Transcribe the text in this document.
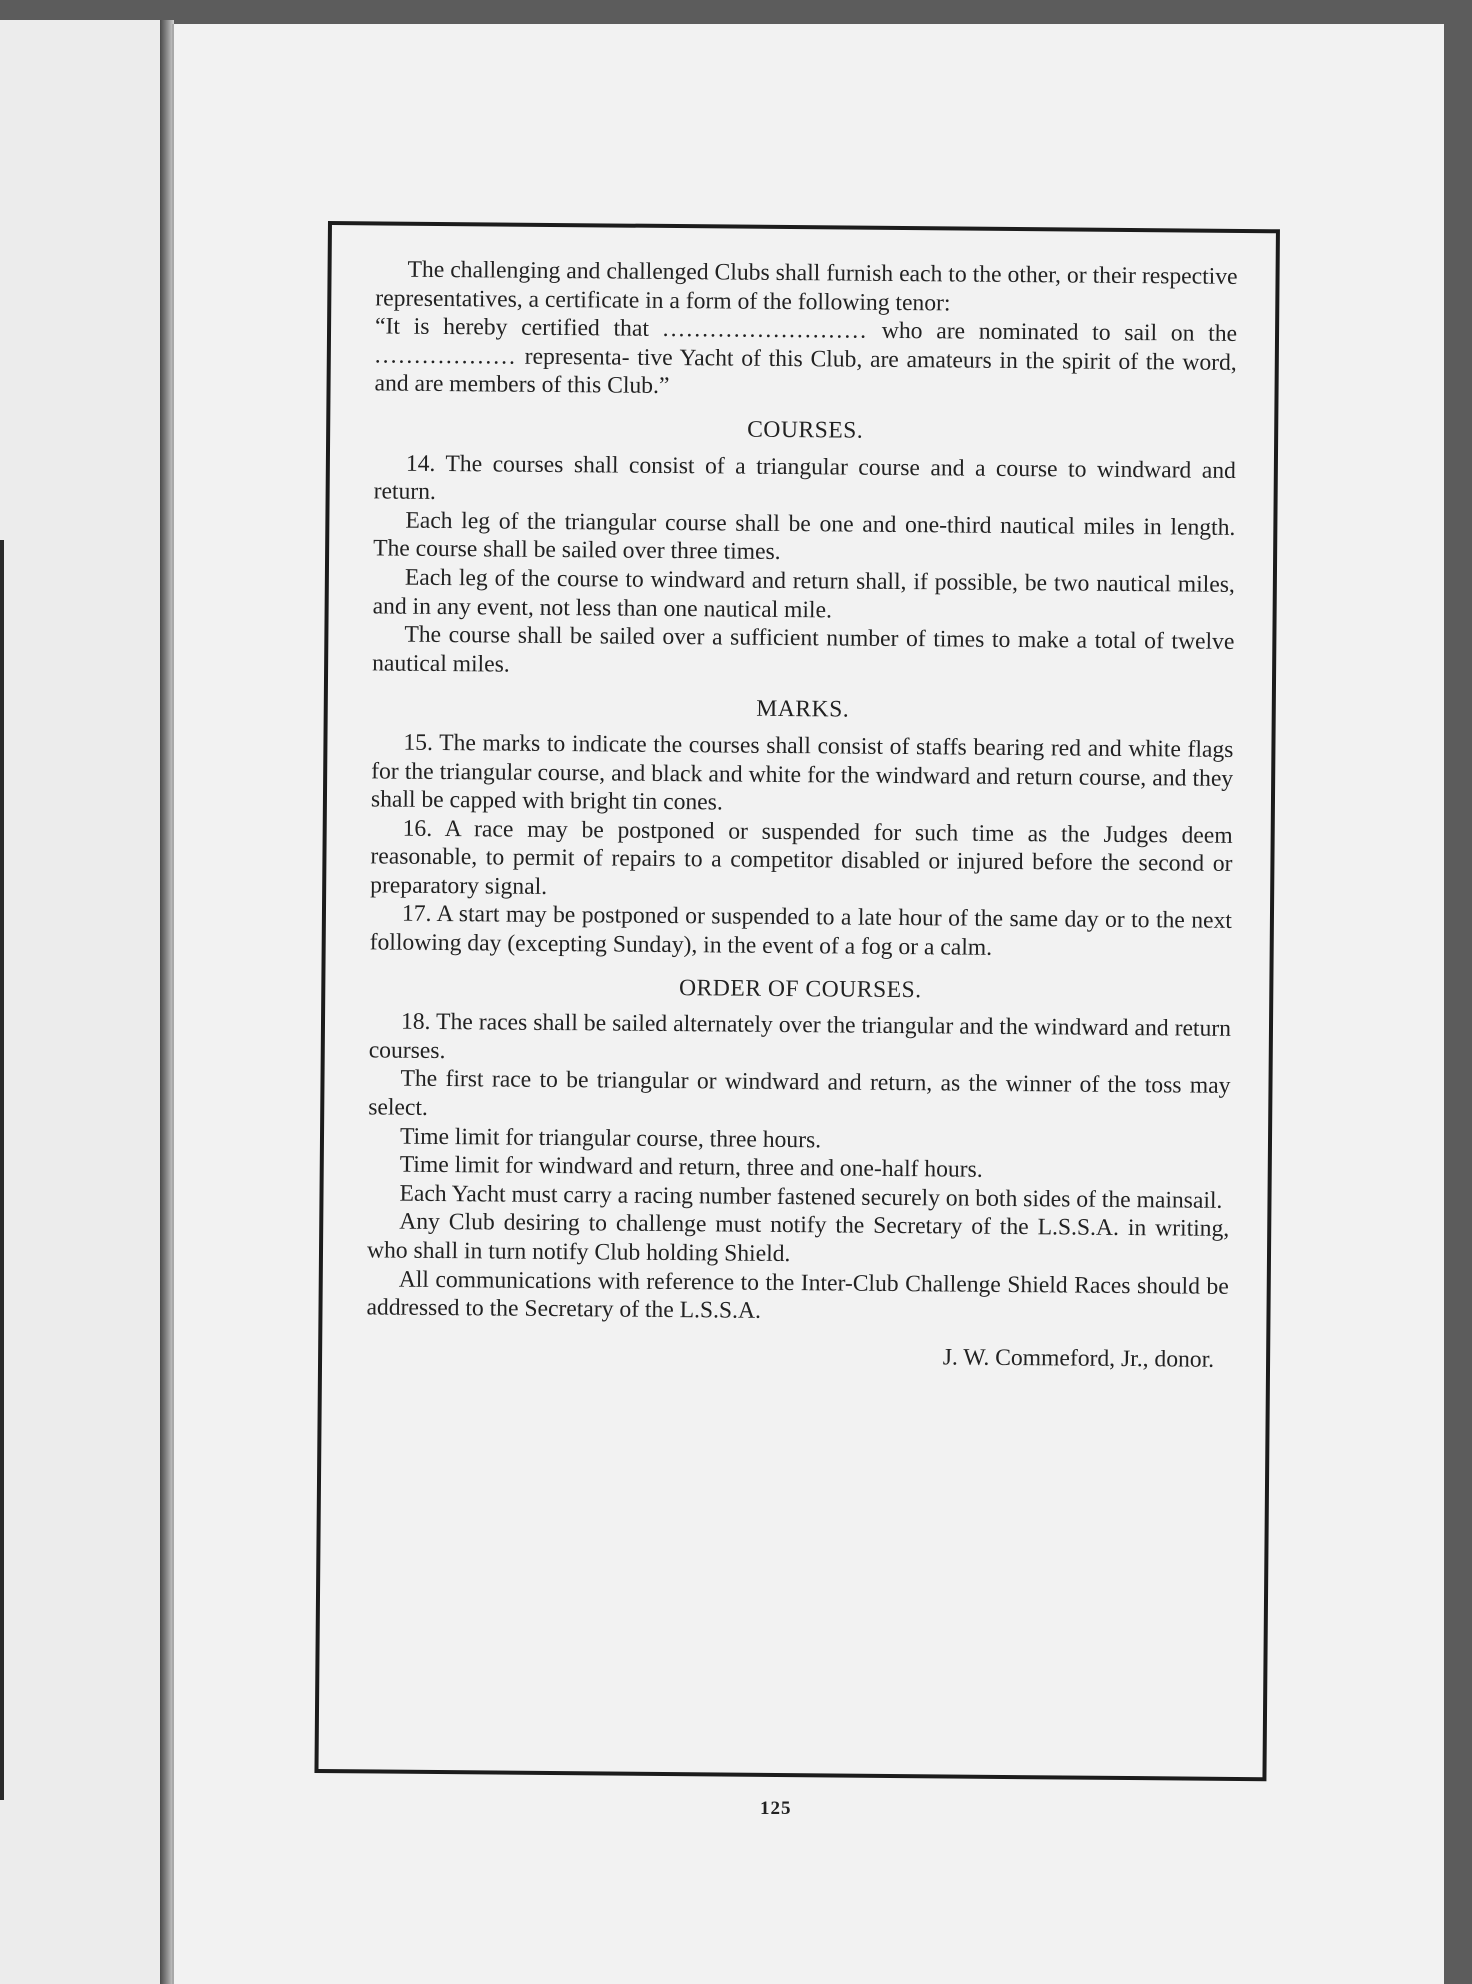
The challenging and challenged Clubs shall furnish each to the other, or their respective representatives, a certificate in a form of the following tenor:

“It is hereby certified that .......................... who are nominated to sail on the .................. representa- tive Yacht of this Club, are amateurs in the spirit of the word, and are members of this Club.”

COURSES.

14. The courses shall consist of a triangular course and a course to windward and return.

Each leg of the triangular course shall be one and one-third nautical miles in length. The course shall be sailed over three times.

Each leg of the course to windward and return shall, if possible, be two nautical miles, and in any event, not less than one nautical mile.

The course shall be sailed over a sufficient number of times to make a total of twelve nautical miles.

MARKS.

15. The marks to indicate the courses shall consist of staffs bearing red and white flags for the triangular course, and black and white for the windward and return course, and they shall be capped with bright tin cones.

16. A race may be postponed or suspended for such time as the Judges deem reasonable, to permit of repairs to a competitor disabled or injured before the second or preparatory signal.

17. A start may be postponed or suspended to a late hour of the same day or to the next following day (excepting Sunday), in the event of a fog or a calm.

ORDER OF COURSES.

18. The races shall be sailed alternately over the triangular and the windward and return courses.

The first race to be triangular or windward and return, as the winner of the toss may select.

Time limit for triangular course, three hours.

Time limit for windward and return, three and one-half hours.

Each Yacht must carry a racing number fastened securely on both sides of the mainsail.

Any Club desiring to challenge must notify the Secretary of the L.S.S.A. in writing, who shall in turn notify Club holding Shield.

All communications with reference to the Inter-Club Challenge Shield Races should be addressed to the Secretary of the L.S.S.A.

J. W. Commeford, Jr., donor.

125
